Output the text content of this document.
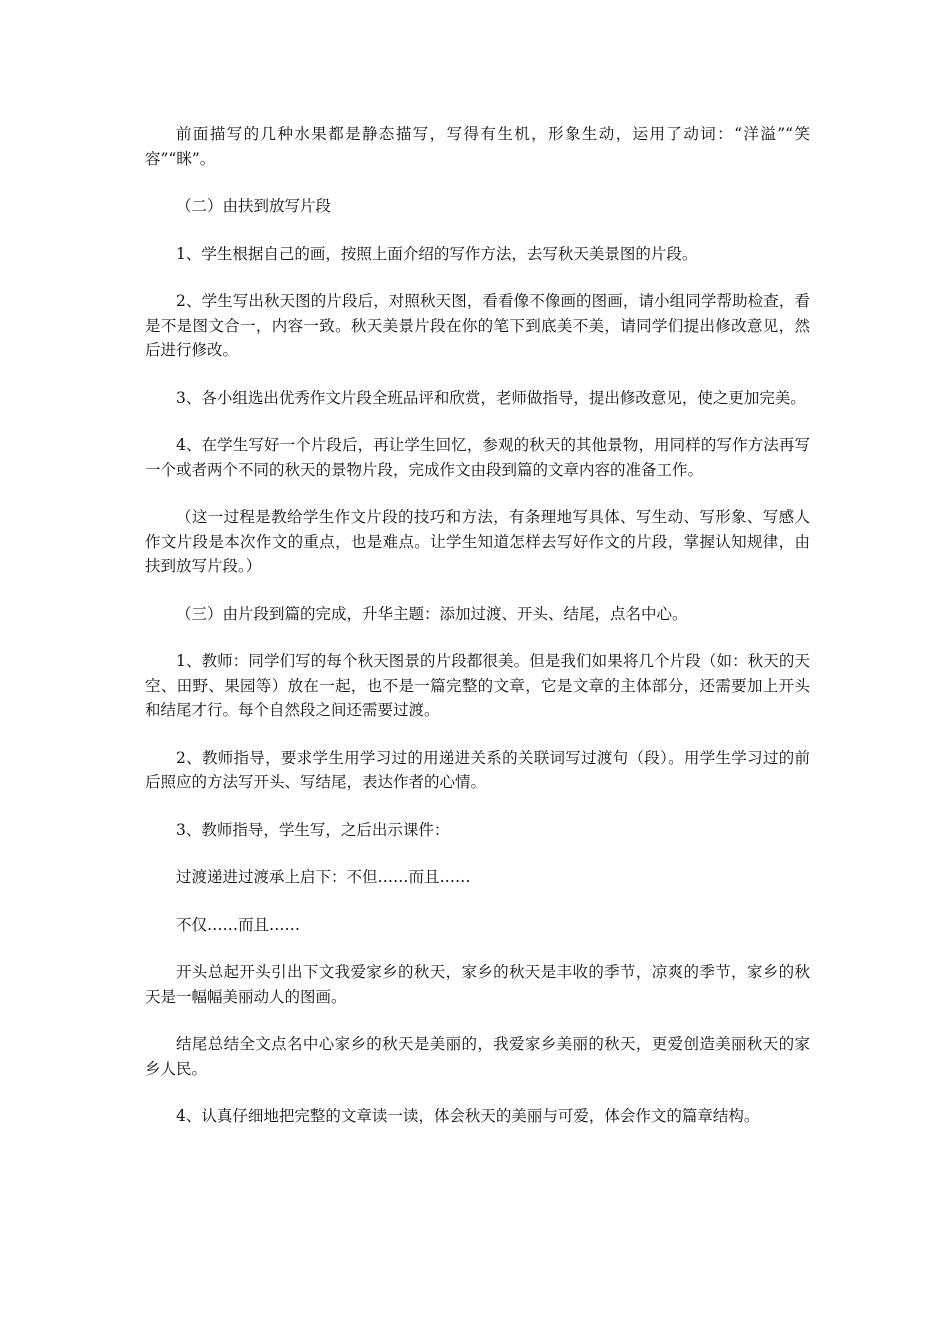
前面描写的几种水果都是静态描写，写得有生机，形象生动，运用了动词：“洋溢”“笑容”“眯”。

（二）由扶到放写片段

1、学生根据自己的画，按照上面介绍的写作方法，去写秋天美景图的片段。

2、学生写出秋天图的片段后，对照秋天图，看看像不像画的图画，请小组同学帮助检查，看是不是图文合一，内容一致。秋天美景片段在你的笔下到底美不美，请同学们提出修改意见，然后进行修改。

3、各小组选出优秀作文片段全班品评和欣赏，老师做指导，提出修改意见，使之更加完美。

4、在学生写好一个片段后，再让学生回忆，参观的秋天的其他景物，用同样的写作方法再写一个或者两个不同的秋天的景物片段，完成作文由段到篇的文章内容的准备工作。

（这一过程是教给学生作文片段的技巧和方法，有条理地写具体、写生动、写形象、写感人作文片段是本次作文的重点，也是难点。让学生知道怎样去写好作文的片段，掌握认知规律，由扶到放写片段。）

（三）由片段到篇的完成，升华主题：添加过渡、开头、结尾，点名中心。

1、教师：同学们写的每个秋天图景的片段都很美。但是我们如果将几个片段（如：秋天的天空、田野、果园等）放在一起，也不是一篇完整的文章，它是文章的主体部分，还需要加上开头和结尾才行。每个自然段之间还需要过渡。

2、教师指导，要求学生用学习过的用递进关系的关联词写过渡句（段）。用学生学习过的前后照应的方法写开头、写结尾，表达作者的心情。

3、教师指导，学生写，之后出示课件：

过渡递进过渡承上启下：不但……而且……

不仅……而且……

开头总起开头引出下文我爱家乡的秋天，家乡的秋天是丰收的季节，凉爽的季节，家乡的秋天是一幅幅美丽动人的图画。

结尾总结全文点名中心家乡的秋天是美丽的，我爱家乡美丽的秋天，更爱创造美丽秋天的家乡人民。

4、认真仔细地把完整的文章读一读，体会秋天的美丽与可爱，体会作文的篇章结构。
